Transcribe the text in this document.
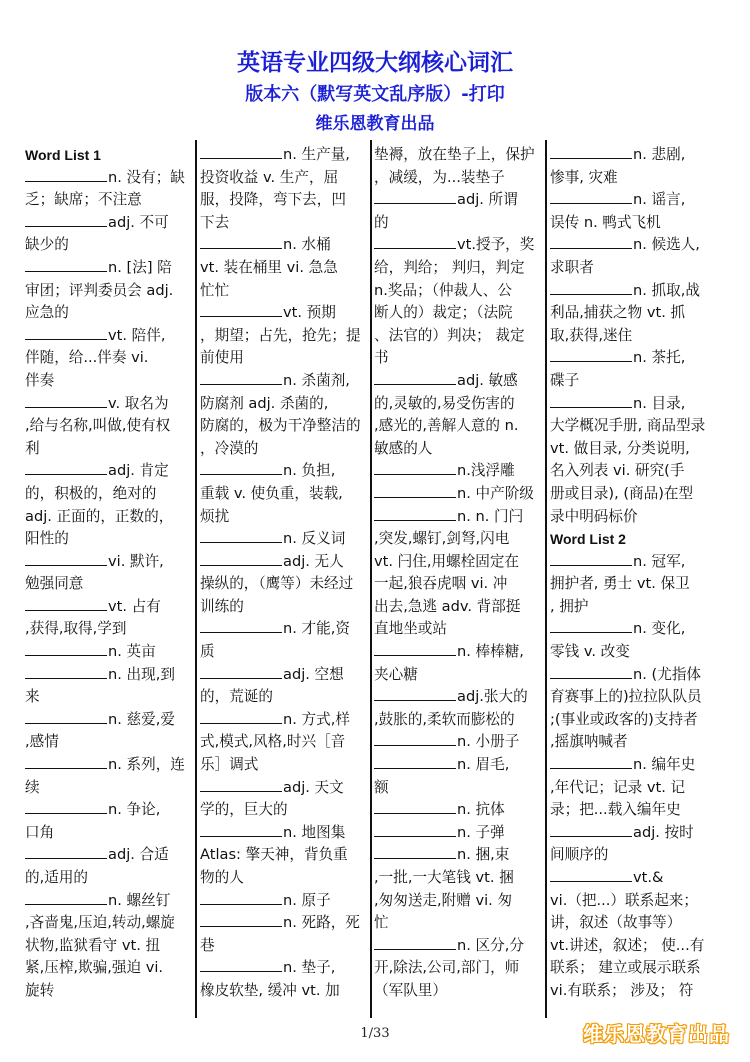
英语专业四级大纲核心词汇
版本六（默写英文乱序版）-打印
维乐恩教育出品
Word List 1
n. 没有；缺
乏；缺席；不注意
adj. 不可
缺少的
n. [法] 陪
审团；评判委员会 adj.
应急的
vt. 陪伴,
伴随，给...伴奏 vi.
伴奏
v. 取名为
,给与名称,叫做,使有权
利
adj. 肯定
的，积极的，绝对的
adj. 正面的，正数的，
阳性的
vi. 默许,
勉强同意
vt. 占有
,获得,取得,学到
n. 英亩
n. 出现,到
来
n. 慈爱,爱
,感情
n. 系列，连
续
n. 争论,
口角
adj. 合适
的,适用的
n. 螺丝钉
,吝啬鬼,压迫,转动,螺旋
状物,监狱看守 vt. 扭
紧,压榨,欺骗,强迫 vi.
旋转
n. 生产量,
投资收益 v. 生产，屈
服，投降，弯下去，凹
下去
n. 水桶
vt. 装在桶里 vi. 急急
忙忙
vt. 预期
，期望；占先，抢先；提
前使用
n. 杀菌剂,
防腐剂 adj. 杀菌的,
防腐的，极为干净整洁的
，冷漠的
n. 负担,
重载 v. 使负重，装载,
烦扰
n. 反义词
adj. 无人
操纵的，（鹰等）未经过
训练的
n. 才能,资
质
adj. 空想
的，荒诞的
n. 方式,样
式,模式,风格,时兴［音
乐］调式
adj. 天文
学的，巨大的
n. 地图集
Atlas: 擎天神，背负重
物的人
n. 原子
n. 死路，死
巷
n. 垫子,
橡皮软垫, 缓冲 vt. 加
垫褥，放在垫子上，保护
，减缓，为...装垫子
adj. 所谓
的
vt.授予，奖
给，判给； 判归，判定
n.奖品；（仲裁人、公
断人的）裁定；（法院
、法官的）判决； 裁定
书
adj. 敏感
的,灵敏的,易受伤害的
,感光的,善解人意的 n.
敏感的人
n.浅浮雕
n. 中产阶级
n. n. 门闩
,突发,螺钉,剑弩,闪电
vt. 闩住,用螺栓固定在
一起,狼吞虎咽 vi. 冲
出去,急逃 adv. 背部挺
直地坐或站
n. 棒棒糖,
夹心糖
adj.张大的
,鼓胀的,柔软而膨松的
n. 小册子
n. 眉毛,
额
n. 抗体
n. 子弹
n. 捆,束
,一批,一大笔钱 vt. 捆
,匆匆送走,附赠 vi. 匆
忙
n. 区分,分
开,除法,公司,部门，师
（军队里）
n. 悲剧,
惨事, 灾难
n. 谣言,
误传 n. 鸭式飞机
n. 候选人,
求职者
n. 抓取,战
利品,捕获之物 vt. 抓
取,获得,迷住
n. 茶托,
碟子
n. 目录,
大学概况手册, 商品型录
vt. 做目录, 分类说明,
名入列表 vi. 研究(手
册或目录), (商品)在型
录中明码标价
Word List 2
n. 冠军,
拥护者, 勇士 vt. 保卫
, 拥护
n. 变化,
零钱 v. 改变
n. (尤指体
育赛事上的)拉拉队队员
;(事业或政客的)支持者
,摇旗呐喊者
n. 编年史
,年代记；记录 vt. 记
录；把...载入编年史
adj. 按时
间顺序的
vt.&
vi.（把...）联系起来；
讲，叙述（故事等）
vt.讲述，叙述； 使...有
联系； 建立或展示联系
vi.有联系； 涉及； 符
1/33	维乐恩教育出品
